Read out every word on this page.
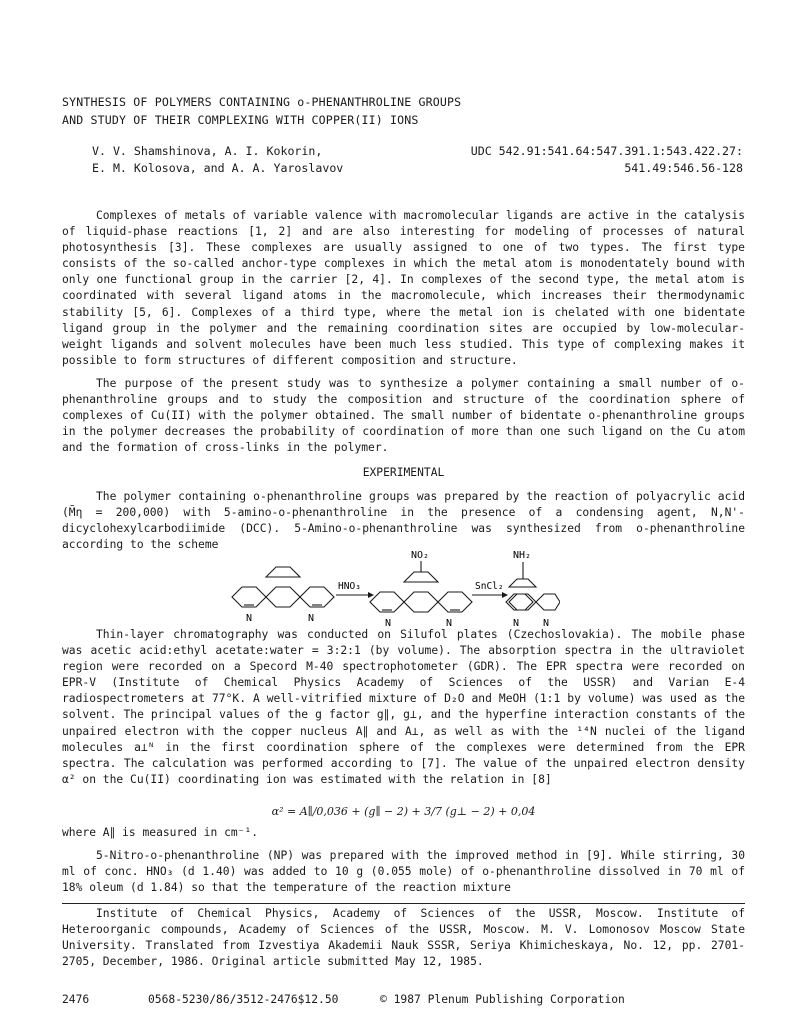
SYNTHESIS OF POLYMERS CONTAINING o-PHENANTHROLINE GROUPS
AND STUDY OF THEIR COMPLEXING WITH COPPER(II) IONS
V. V. Shamshinova, A. I. Kokorin,
E. M. Kolosova, and A. A. Yaroslavov
UDC 542.91:541.64:547.391.1:543.422.27:
541.49:546.56-128

Complexes of metals of variable valence with macromolecular ligands are active in the catalysis of liquid-phase reactions [1, 2] and are also interesting for modeling of processes of natural photosynthesis [3]. These complexes are usually assigned to one of two types. The first type consists of the so-called anchor-type complexes in which the metal atom is monodentately bound with only one functional group in the carrier [2, 4]. In complexes of the second type, the metal atom is coordinated with several ligand atoms in the macromolecule, which increases their thermodynamic stability [5, 6]. Complexes of a third type, where the metal ion is chelated with one bidentate ligand group in the polymer and the remaining coordination sites are occupied by low-molecular-weight ligands and solvent molecules have been much less studied. This type of complexing makes it possible to form structures of different composition and structure.

The purpose of the present study was to synthesize a polymer containing a small number of o-phenanthroline groups and to study the composition and structure of the coordination sphere of complexes of Cu(II) with the polymer obtained. The small number of bidentate o-phenanthroline groups in the polymer decreases the probability of coordination of more than one such ligand on the Cu atom and the formation of cross-links in the polymer.

EXPERIMENTAL

The polymer containing o-phenanthroline groups was prepared by the reaction of polyacrylic acid (M̄η = 200,000) with 5-amino-o-phenanthroline in the presence of a condensing agent, N,N'-dicyclohexylcarbodiimide (DCC). 5-Amino-o-phenanthroline was synthesized from o-phenanthroline according to the scheme

N	N
HNO₃
NO₂
N	N
SnCl₂
NH₂
N N

Thin-layer chromatography was conducted on Silufol plates (Czechoslovakia). The mobile phase was acetic acid:ethyl acetate:water = 3:2:1 (by volume). The absorption spectra in the ultraviolet region were recorded on a Specord M-40 spectrophotometer (GDR). The EPR spectra were recorded on EPR-V (Institute of Chemical Physics Academy of Sciences of the USSR) and Varian E-4 radiospectrometers at 77°K. A well-vitrified mixture of D₂O and MeOH (1:1 by volume) was used as the solvent. The principal values of the g factor g∥, g⊥, and the hyperfine interaction constants of the unpaired electron with the copper nucleus A∥ and A⊥, as well as with the ¹⁴N nuclei of the ligand molecules a⊥ᴺ in the first coordination sphere of the complexes were determined from the EPR spectra. The calculation was performed according to [7]. The value of the unpaired electron density α² on the Cu(II) coordinating ion was estimated with the relation in [8]

α² = A∥/0,036 + (g∥ − 2) + 3/7 (g⊥ − 2) + 0,04

where A∥ is measured in cm⁻¹.

5-Nitro-o-phenanthroline (NP) was prepared with the improved method in [9]. While stirring, 30 ml of conc. HNO₃ (d 1.40) was added to 10 g (0.055 mole) of o-phenanthroline dissolved in 70 ml of 18% oleum (d 1.84) so that the temperature of the reaction mixture

Institute of Chemical Physics, Academy of Sciences of the USSR, Moscow. Institute of Heteroorganic compounds, Academy of Sciences of the USSR, Moscow. M. V. Lomonosov Moscow State University. Translated from Izvestiya Akademii Nauk SSSR, Seriya Khimicheskaya, No. 12, pp. 2701-2705, December, 1986. Original article submitted May 12, 1985.

2476	0568-5230/86/3512-2476$12.50	© 1987 Plenum Publishing Corporation
